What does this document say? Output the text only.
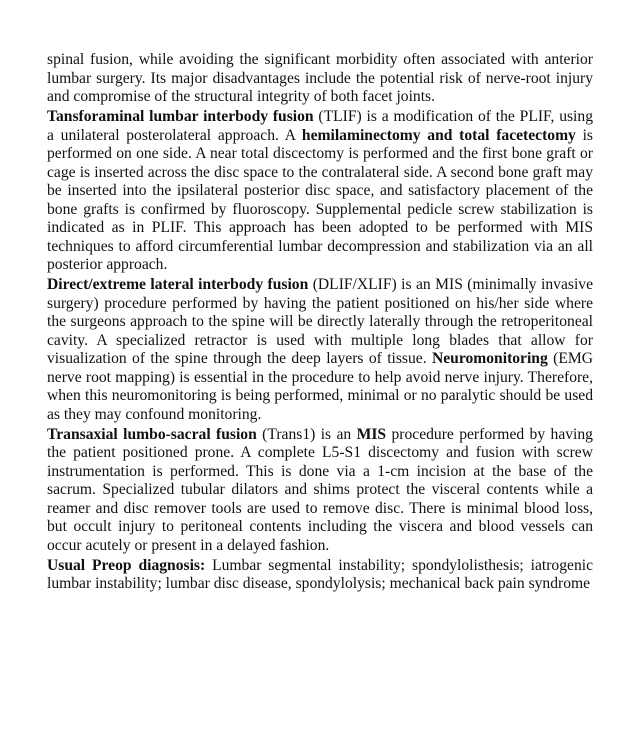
spinal fusion, while avoiding the significant morbidity often associated with anterior lumbar surgery. Its major disadvantages include the potential risk of nerve-root injury and compromise of the structural integrity of both facet joints.

Tansforaminal lumbar interbody fusion (TLIF) is a modification of the PLIF, using a unilateral posterolateral approach. A hemilaminectomy and total facetectomy is performed on one side. A near total discectomy is performed and the first bone graft or cage is inserted across the disc space to the contralateral side. A second bone graft may be inserted into the ipsilateral posterior disc space, and satisfactory placement of the bone grafts is confirmed by fluoroscopy. Supplemental pedicle screw stabilization is indicated as in PLIF. This approach has been adopted to be performed with MIS techniques to afford circumferential lumbar decompression and stabilization via an all posterior approach.

Direct/extreme lateral interbody fusion (DLIF/XLIF) is an MIS (minimally invasive surgery) procedure performed by having the patient positioned on his/her side where the surgeons approach to the spine will be directly laterally through the retroperitoneal cavity. A specialized retractor is used with multiple long blades that allow for visualization of the spine through the deep layers of tissue. Neuromonitoring (EMG nerve root mapping) is essential in the procedure to help avoid nerve injury. Therefore, when this neuromonitoring is being performed, minimal or no paralytic should be used as they may confound monitoring.

Transaxial lumbo-sacral fusion (Trans1) is an MIS procedure performed by having the patient positioned prone. A complete L5-S1 discectomy and fusion with screw instrumentation is performed. This is done via a 1-cm incision at the base of the sacrum. Specialized tubular dilators and shims protect the visceral contents while a reamer and disc remover tools are used to remove disc. There is minimal blood loss, but occult injury to peritoneal contents including the viscera and blood vessels can occur acutely or present in a delayed fashion.

Usual Preop diagnosis: Lumbar segmental instability; spondylolisthesis; iatrogenic lumbar instability; lumbar disc disease, spondylolysis; mechanical back pain syndrome
